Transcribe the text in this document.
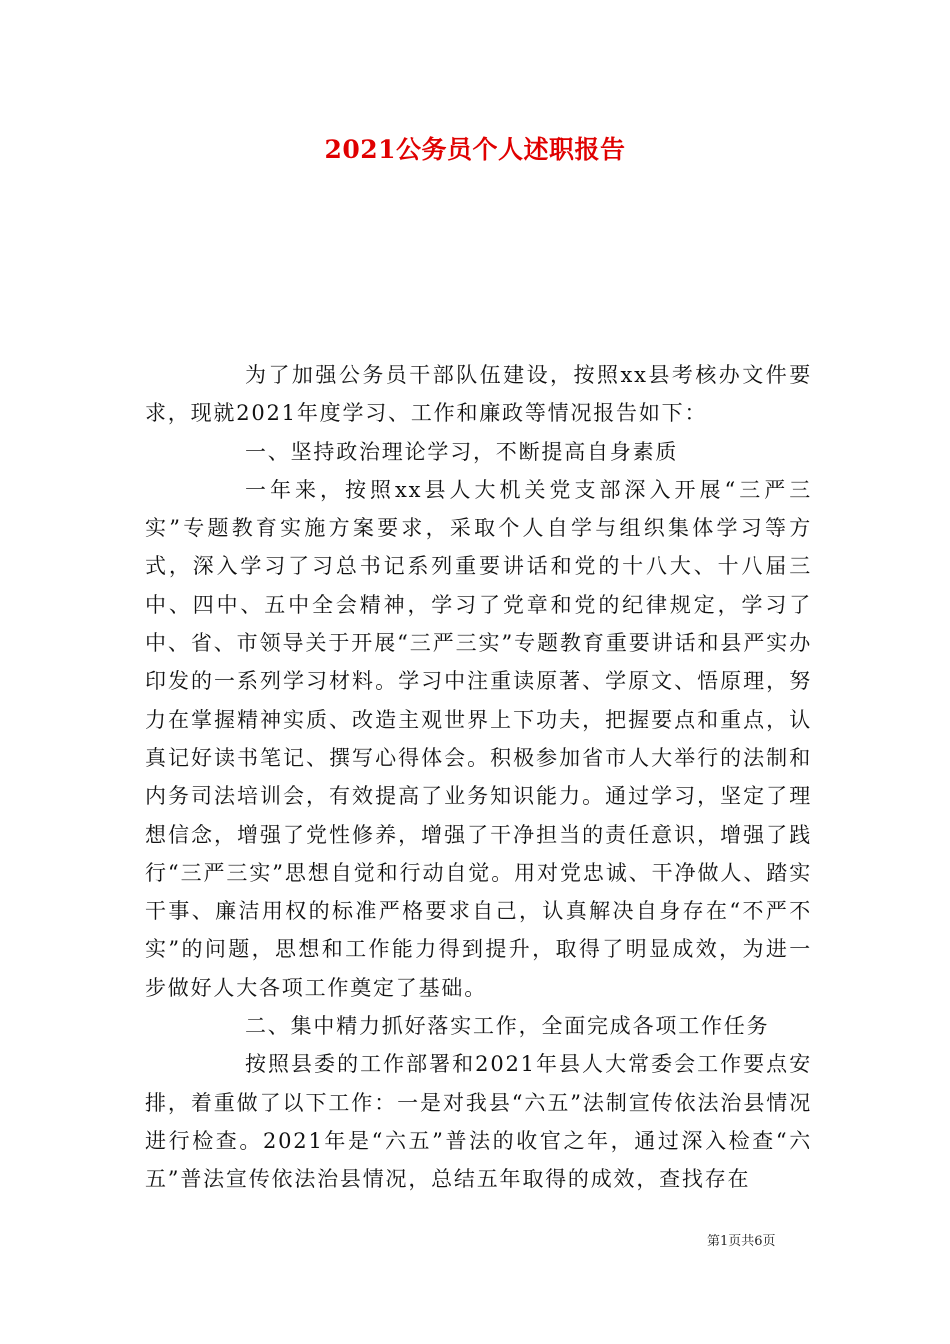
2021公务员个人述职报告

为了加强公务员干部队伍建设，按照xx县考核办文件要求，现就2021年度学习、工作和廉政等情况报告如下：

一、坚持政治理论学习，不断提高自身素质

一年来，按照xx县人大机关党支部深入开展“三严三实”专题教育实施方案要求，采取个人自学与组织集体学习等方式，深入学习了习总书记系列重要讲话和党的十八大、十八届三中、四中、五中全会精神，学习了党章和党的纪律规定，学习了中、省、市领导关于开展“三严三实”专题教育重要讲话和县严实办印发的一系列学习材料。学习中注重读原著、学原文、悟原理，努力在掌握精神实质、改造主观世界上下功夫，把握要点和重点，认真记好读书笔记、撰写心得体会。积极参加省市人大举行的法制和内务司法培训会，有效提高了业务知识能力。通过学习，坚定了理想信念，增强了党性修养，增强了干净担当的责任意识，增强了践行“三严三实”思想自觉和行动自觉。用对党忠诚、干净做人、踏实干事、廉洁用权的标准严格要求自己，认真解决自身存在“不严不实”的问题，思想和工作能力得到提升，取得了明显成效，为进一步做好人大各项工作奠定了基础。

二、集中精力抓好落实工作，全面完成各项工作任务

按照县委的工作部署和2021年县人大常委会工作要点安排，着重做了以下工作：一是对我县“六五”法制宣传依法治县情况进行检查。2021年是“六五”普法的收官之年，通过深入检查“六五”普法宣传依法治县情况，总结五年取得的成效，查找存在

第1页共6页
